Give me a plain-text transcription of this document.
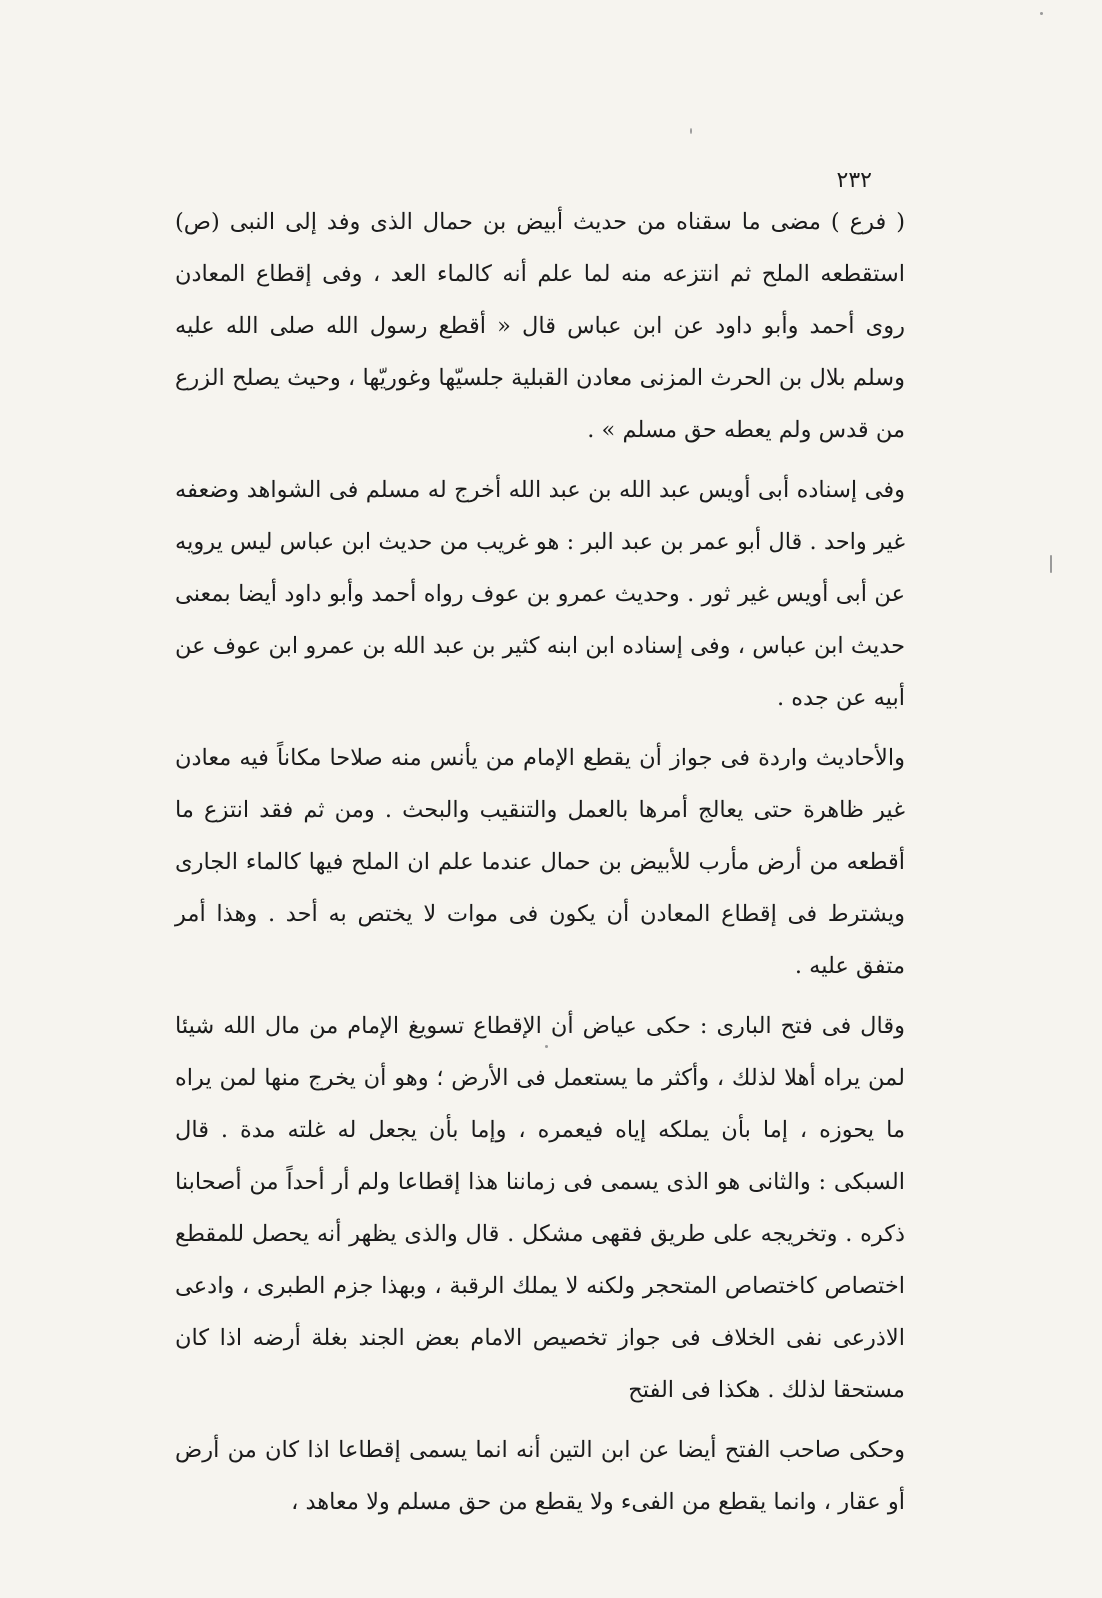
٢٣٢

( فرع ) مضى ما سقناه من حديث أبيض بن حمال الذى وفد إلى النبى (ص) استقطعه الملح ثم انتزعه منه لما علم أنه كالماء العد ، وفى إقطاع المعادن روى أحمد وأبو داود عن ابن عباس قال « أقطع رسول الله صلى الله عليه وسلم بلال بن الحرث المزنى معادن القبلية جلسيّها وغوريّها ، وحيث يصلح الزرع من قدس ولم يعطه حق مسلم » .

وفى إسناده أبى أويس عبد الله بن عبد الله أخرج له مسلم فى الشواهد وضعفه غير واحد . قال أبو عمر بن عبد البر : هو غريب من حديث ابن عباس ليس يرويه عن أبى أويس غير ثور . وحديث عمرو بن عوف رواه أحمد وأبو داود أيضا بمعنى حديث ابن عباس ، وفى إسناده ابن ابنه كثير بن عبد الله بن عمرو ابن عوف عن أبيه عن جده .

والأحاديث واردة فى جواز أن يقطع الإمام من يأنس منه صلاحا مكاناً فيه معادن غير ظاهرة حتى يعالج أمرها بالعمل والتنقيب والبحث . ومن ثم فقد انتزع ما أقطعه من أرض مأرب للأبيض بن حمال عندما علم ان الملح فيها كالماء الجارى ويشترط فى إقطاع المعادن أن يكون فى موات لا يختص به أحد . وهذا أمر متفق عليه .

وقال فى فتح البارى : حكى عياض أن الإقطاع تسويغ الإمام من مال الله شيئا لمن يراه أهلا لذلك ، وأكثر ما يستعمل فى الأرض ؛ وهو أن يخرج منها لمن يراه ما يحوزه ، إما بأن يملكه إياه فيعمره ، وإما بأن يجعل له غلته مدة . قال السبكى : والثانى هو الذى يسمى فى زماننا هذا إقطاعا ولم أر أحداً من أصحابنا ذكره . وتخريجه على طريق فقهى مشكل . قال والذى يظهر أنه يحصل للمقطع اختصاص كاختصاص المتحجر ولكنه لا يملك الرقبة ، وبهذا جزم الطبرى ، وادعى الاذرعى نفى الخلاف فى جواز تخصيص الامام بعض الجند بغلة أرضه اذا كان مستحقا لذلك . هكذا فى الفتح

وحكى صاحب الفتح أيضا عن ابن التين أنه انما يسمى إقطاعا اذا كان من أرض أو عقار ، وانما يقطع من الفىء ولا يقطع من حق مسلم ولا معاهد ،
